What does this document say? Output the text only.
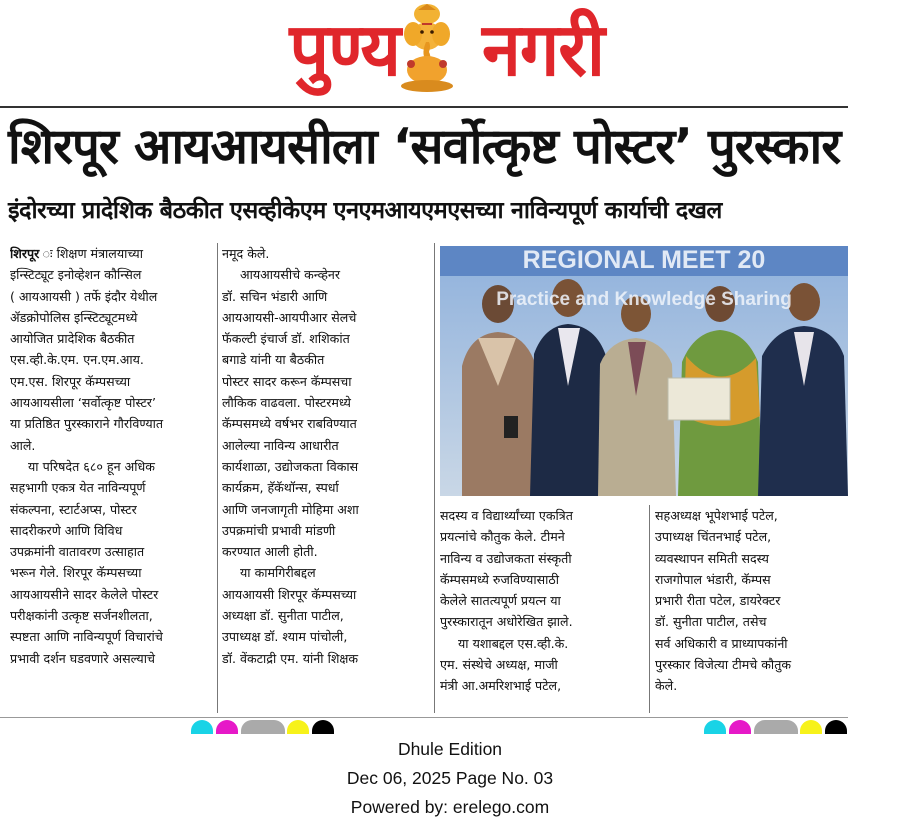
पुण्य नगरी
शिरपूर आयआयसीला ‘सर्वोत्कृष्ट पोस्टर’ पुरस्कार
इंदोरच्या प्रादेशिक बैठकीत एसव्हीकेएम एनएमआयएमएसच्या नाविन्यपूर्ण कार्याची दखल

शिरपूर ः शिक्षण मंत्रालयाच्या

इन्स्टिट्यूट इनोव्हेशन कौन्सिल

( आयआयसी ) तर्फे इंदौर येथील

ॲडक्रोपोलिस इन्स्टिट्यूटमध्ये

आयोजित प्रादेशिक बैठकीत

एस.व्ही.के.एम. एन.एम.आय.

एम.एस. शिरपूर कॅम्पसच्या

आयआयसीला ‘सर्वोत्कृष्ट पोस्टर’

या प्रतिष्ठित पुरस्काराने गौरविण्यात

आले.

या परिषदेत ६८० हून अधिक

सहभागी एकत्र येत नाविन्यपूर्ण

संकल्पना, स्टार्टअप्स, पोस्टर

सादरीकरणे आणि विविध

उपक्रमांनी वातावरण उत्साहात

भरून गेले. शिरपूर कॅम्पसच्या

आयआयसीने सादर केलेले पोस्टर

परीक्षकांनी उत्कृष्ट सर्जनशीलता,

स्पष्टता आणि नाविन्यपूर्ण विचारांचे

प्रभावी दर्शन घडवणारे असल्याचे

नमूद केले.

आयआयसीचे कन्व्हेनर

डॉ. सचिन भंडारी आणि

आयआयसी-आयपीआर सेलचे

फॅकल्टी इंचार्ज डॉ. शशिकांत

बगाडे यांनी या बैठकीत

पोस्टर सादर करून कॅम्पसचा

लौकिक वाढवला. पोस्टरमध्ये

कॅम्पसमध्ये वर्षभर राबविण्यात

आलेल्या नाविन्य आधारीत

कार्यशाळा, उद्योजकता विकास

कार्यक्रम, हॅकॅथॉन्स, स्पर्धा

आणि जनजागृती मोहिमा अशा

उपक्रमांची प्रभावी मांडणी

करण्यात आली होती.

या कामगिरीबद्दल

आयआयसी शिरपूर कॅम्पसच्या

अध्यक्षा डॉ. सुनीता पाटील,

उपाध्यक्ष डॉ. श्याम पांचोली,

डॉ. वेंकटाद्री एम. यांनी शिक्षक

REGIONAL MEET 20
Practice and Knowledge Sharing

सदस्य व विद्यार्थ्यांच्या एकत्रित

प्रयत्नांचे कौतुक केले. टीमने

नाविन्य व उद्योजकता संस्कृती

कॅम्पसमध्ये रुजविण्यासाठी

केलेले सातत्यपूर्ण प्रयत्न या

पुरस्कारातून अधोरेखित झाले.

या यशाबद्दल एस.व्ही.के.

एम. संस्थेचे अध्यक्ष, माजी

मंत्री आ.अमरिशभाई पटेल,

सहअध्यक्ष भूपेशभाई पटेल,

उपाध्यक्ष चिंतनभाई पटेल,

व्यवस्थापन समिती सदस्य

राजगोपाल भंडारी, कॅम्पस

प्रभारी रीता पटेल, डायरेक्टर

डॉ. सुनीता पाटील, तसेच

सर्व अधिकारी व प्राध्यापकांनी

पुरस्कार विजेत्या टीमचे कौतुक

केले.

Dhule Edition
Dec 06, 2025 Page No. 03
Powered by: erelego.com
